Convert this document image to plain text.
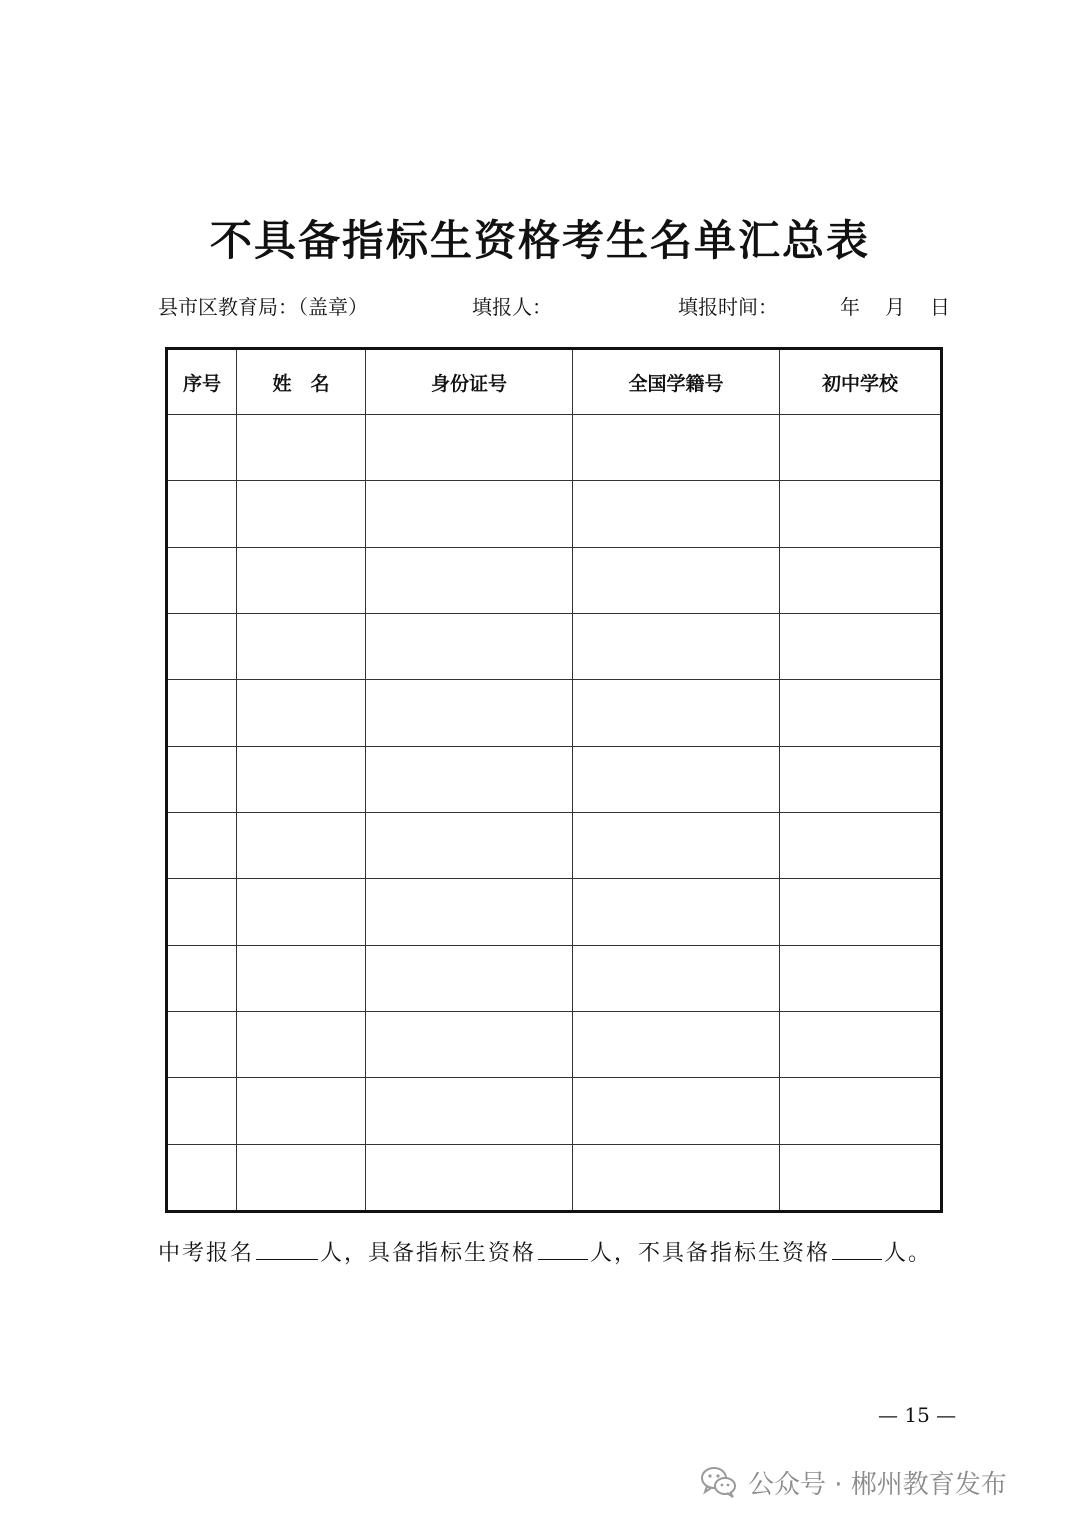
不具备指标生资格考生名单汇总表
县市区教育局：（盖章）	填报人：	填报时间：	年 月 日
序号	姓　名	身份证号	全国学籍号	初中学校

中考报名	人，具备指标生资格 人，不具备指标生资格 人。
— 15 —
公众号 · 郴州教育发布
